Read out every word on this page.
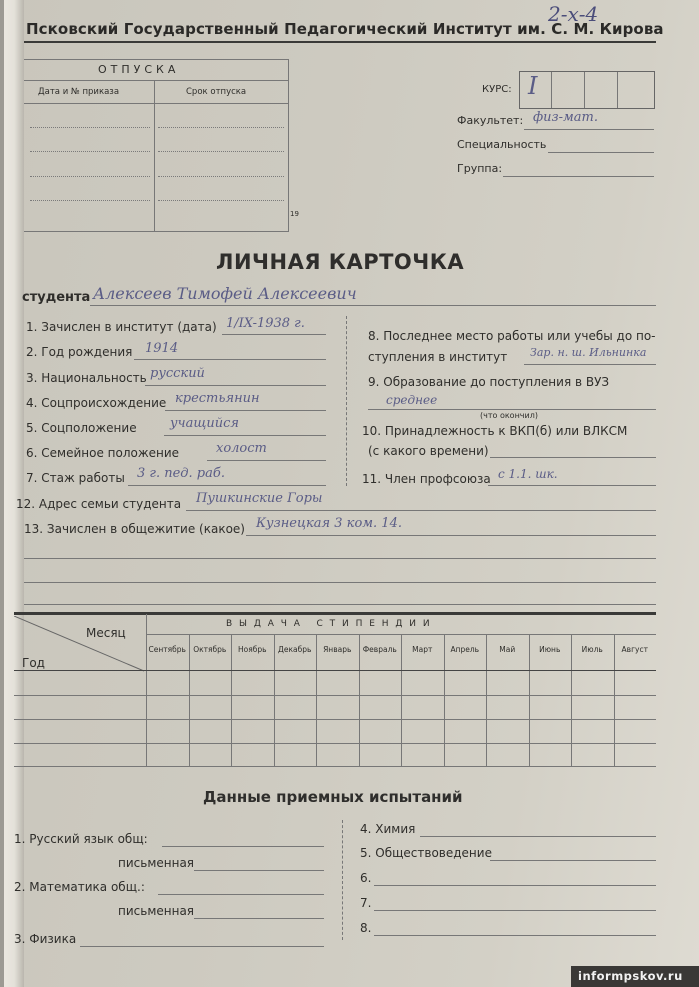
2-х-4
Псковский Государственный Педагогический Институт им. С. М. Кирова
ОТПУСКА
Дата и № приказа	Срок отпуска
19
КУРС: I
Факультет: физ-мат.
Специальность
Группа:
ЛИЧНАЯ КАРТОЧКА
студента Алексеев Тимофей Алексеевич
1. Зачислен в институт (дата) 1/IX-1938 г.
2. Год рождения 1914
3. Национальность русский
4. Соцпроисхождение крестьянин
5. Соцположение	учащийся
6. Семейное положение	холост
7. Стаж работы 3 г. пед. раб.
8. Последнее место работы или учебы до по-
ступления в институт Зар. н. ш. Ильнинка
9. Образование до поступления в ВУЗ
среднее
(что окончил)
10. Принадлежность к ВКП(б) или ВЛКСМ
(с какого времени)
11. Член профсоюза с 1.1. шк.
12. Адрес семьи студента Пушкинские Горы
13. Зачислен в общежитие (какое) Кузнецкая 3 ком. 14.
Месяц
Год
В Ы Д А Ч А   С Т И П Е Н Д И И
Сентябрь Октябрь	Ноябрь	Декабрь	Январь	Февраль	Март	Апрель	Май	Июнь	Июль	Август
Данные приемных испытаний
1. Русский язык общ:
письменная
2. Математика общ.:
письменная
3. Физика
4. Химия
5. Обществоведение
6.
7.
8.
informpskov.ru
